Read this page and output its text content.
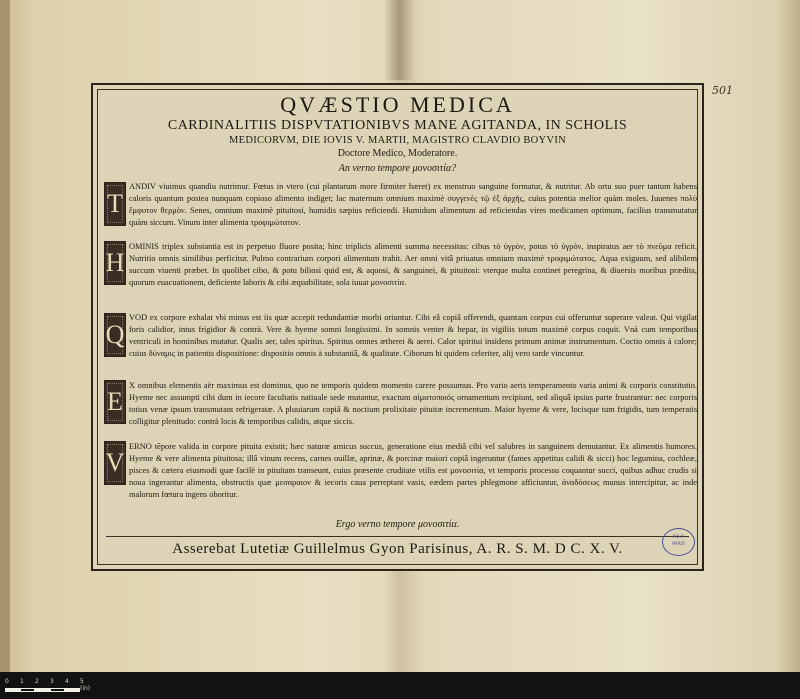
501
QVÆSTIO MEDICA
CARDINALITIIS DISPVTATIONIBVS MANE AGITANDA, IN SCHOLIS
MEDICORVM, DIE IOVIS V. MARTII, MAGISTRO CLAVDIO BOYVIN
Doctore Medico, Moderatore.
An verno tempore μονοσιτία?
T
ANDIV viuimus quandiu nutrimur. Fœtus in vtero (cui plantarum more firmiter hæret) ex menstruo sanguine formatur, & nutritur. Ab ortu suo puer tantum habens caloris quantum postea nunquam copioso alimento indiget; lac maternum omnium maximè συγγενὲς τῷ ἐξ ἀρχῆς, cuius potentia melior quàm moles. Iuuenes πολὺ ἔμφυτον θερμὸν. Senes, omnium maximè pituitosi, humidis sæpius reficiendi. Humidum alimentum ad reficiendas vires medicamen optimum, facilius transmutatur quàm siccum. Vinum inter alimenta τροφιμώτατον.
H
OMINIS triplex substantia est in perpetuo fluore posita; hinc triplicis alimenti summa necessitas: cibus τὸ ὑγρὸν, potus τὸ ὑγρὸν, inspiratus aer τὸ πνεῦμα reficit. Nutritio omnis similibus perficitur. Pulmo contrarium corpori alimentum trahit. Aer omni vitâ priuatus omnium maximè τροφιμώτατος. Aqua exiguum, sed alibilem succum viuenti præbet. In quolibet cibo, & potu biliosi quid est, & aquosi, & sanguinei, & pituitosi: vterque multa continet peregrina, & diuersis moribus prædita, quorum euacuationem, deficiente laboris & cibi æquabilitate, sola iuuat μονοσιτία.
Q
VOD ex corpore exhalat vbi minus est iis quæ accepit redundantiæ morbi oriuntur. Cibi eâ copiâ offerendi, quantam corpus cui offeruntur superare valeat. Qui vigilat foris calidior, intus frigidior & contrà. Vere & hyeme somni longissimi. In somnis venter & hepar, in vigiliis totum maximè corpus coquit. Vnà cum temporibus ventriculi in hominibus mutatur. Qualis aer, tales spiritus. Spiritus omnes ætherei & aerei. Calor spiritui insidens primum animæ instrumentum. Coctio omnis à calore; cuius δύναμις in patientis dispositione: dispositio omnis à substantiâ, & qualitate. Ciborum hi quidem celeriter, alij vero tarde vincuntur.
E
X omnibus elementis aër maximus est dominus, quo ne temporis quidem momento carere possumus. Pro vario aeris temperamento varia animi & corporis constitutio. Hyeme nec assumpti cibi dum in iecore facultatis natiuale sede mutantur, exactum αἱματοποιός ornamentum recipiunt, sed aliquâ ipsius parte frustrantur: nec corporis totius venæ ipsum transmutant refrigeratæ. A pluuiarum copiâ & noctium prolixitate pituitæ incrementum. Maior hyeme & vere, locisque tum frigidis, tum temperatis colligitur plenitudo: contrà locis & temporibus calidis, atque siccis.
V
ERNO tẽpore valida in corpore pituita existit; hæc naturæ amicus succus, generatione eius mediâ cibi vel salubres in sanguinem demutantur. Ex alimentis humores. Hyeme & vere alimenta pituitosa; illâ vinum recens, carnes ouillæ, aprinæ, & porcinæ maiori copiâ ingeruntur (fames appetitus calidi & sicci) hoc legumina, cochleæ, pisces & cætera eiusmodi quæ facilè in pituitam transeunt, cuius præsente cruditate vtilis est μονοσιτία, vt temporis processu coquantur succi, quibus adhuc crudis si noua ingerantur alimenta, obstructis quæ μεσαραιον & iecoris caua perreptant vasis, eædem partes phlegmone afficiuntur, ἀναδόσεως munus intercipitur, ac inde malorum fœtura ingens oboritur.
Ergo verno tempore μονοσιτία.
Asserebat Lutetiæ Guillelmus Gyon Parisinus, A. R. S. M. D C. X. V.
P.B.P.
PARIS
0 1 2 3 4 5 (in)
